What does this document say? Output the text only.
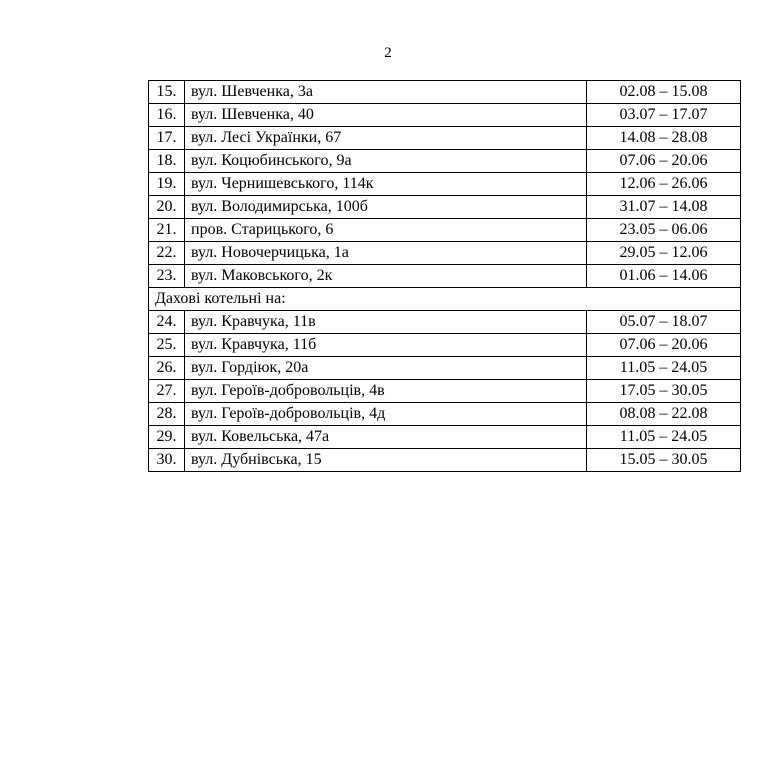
2
15.	вул. Шевченка, 3а	02.08 – 15.08
16.	вул. Шевченка, 40	03.07 – 17.07
17.	вул. Лесі Українки, 67	14.08 – 28.08
18.	вул. Коцюбинського, 9а	07.06 – 20.06
19.	вул. Чернишевського, 114к	12.06 – 26.06
20.	вул. Володимирська, 100б	31.07 – 14.08
21.	пров. Старицького, 6	23.05 – 06.06
22.	вул. Новочерчицька, 1а	29.05 – 12.06
23.	вул. Маковського, 2к	01.06 – 14.06
Дахові котельні на:		
24.	вул. Кравчука, 11в	05.07 – 18.07
25.	вул. Кравчука, 11б	07.06 – 20.06
26.	вул. Гордіюк, 20а	11.05 – 24.05
27.	вул. Героїв-добровольців, 4в	17.05 – 30.05
28.	вул. Героїв-добровольців, 4д	08.08 – 22.08
29.	вул. Ковельська, 47а	11.05 – 24.05
30.	вул. Дубнівська, 15	15.05 – 30.05
